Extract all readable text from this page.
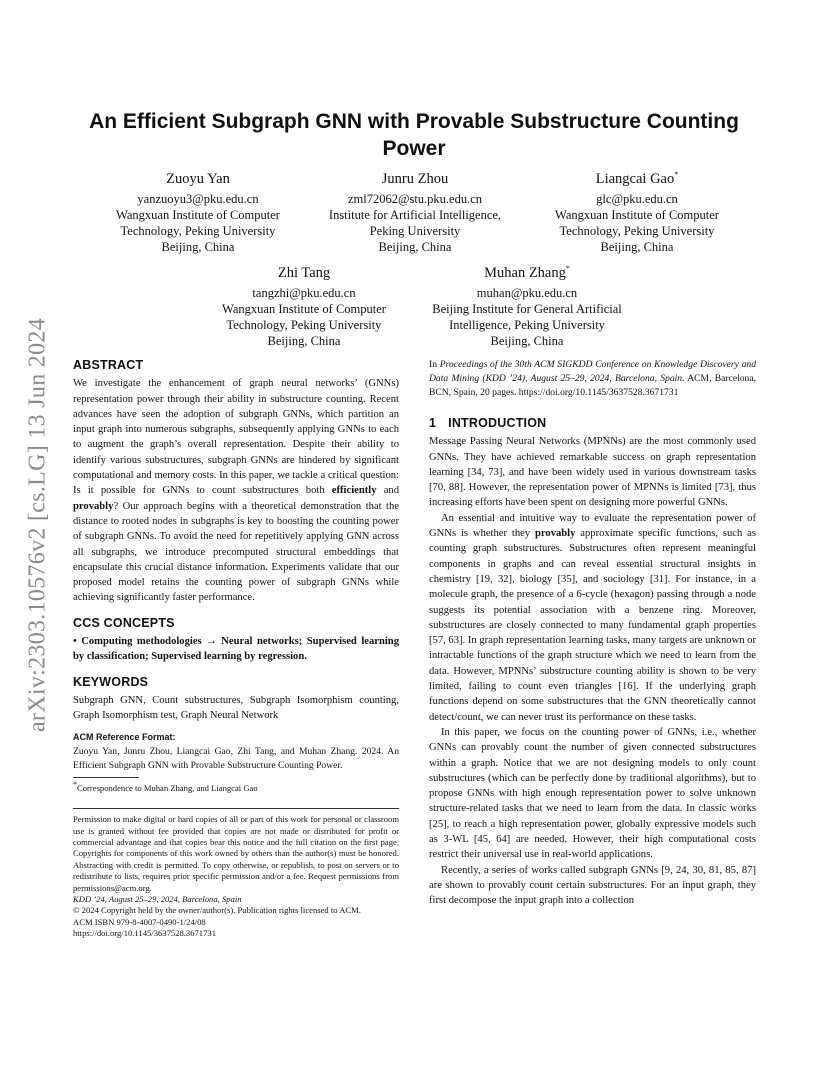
arXiv:2303.10576v2 [cs.LG] 13 Jun 2024
An Efficient Subgraph GNN with Provable Substructure Counting Power
Zuoyu Yan
yanzuoyu3@pku.edu.cn
Wangxuan Institute of Computer
Technology, Peking University
Beijing, China
Junru Zhou
zml72062@stu.pku.edu.cn
Institute for Artificial Intelligence,
Peking University
Beijing, China
Liangcai Gao*
glc@pku.edu.cn
Wangxuan Institute of Computer
Technology, Peking University
Beijing, China
Zhi Tang
tangzhi@pku.edu.cn
Wangxuan Institute of Computer
Technology, Peking University
Beijing, China
Muhan Zhang*
muhan@pku.edu.cn
Beijing Institute for General Artificial
Intelligence, Peking University
Beijing, China
ABSTRACT

We investigate the enhancement of graph neural networks’ (GNNs) representation power through their ability in substructure counting. Recent advances have seen the adoption of subgraph GNNs, which partition an input graph into numerous subgraphs, subsequently applying GNNs to each to augment the graph’s overall representation. Despite their ability to identify various substructures, subgraph GNNs are hindered by significant computational and memory costs. In this paper, we tackle a critical question: Is it possible for GNNs to count substructures both efficiently and provably? Our approach begins with a theoretical demonstration that the distance to rooted nodes in subgraphs is key to boosting the counting power of subgraph GNNs. To avoid the need for repetitively applying GNN across all subgraphs, we introduce precomputed structural embeddings that encapsulate this crucial distance information. Experiments validate that our proposed model retains the counting power of subgraph GNNs while achieving significantly faster performance.

CCS CONCEPTS

• Computing methodologies → Neural networks; Supervised learning by classification; Supervised learning by regression.

KEYWORDS

Subgraph GNN, Count substructures, Subgraph Isomorphism counting, Graph Isomorphism test, Graph Neural Network

ACM Reference Format:

Zuoyu Yan, Junru Zhou, Liangcai Gao, Zhi Tang, and Muhan Zhang. 2024. An Efficient Subgraph GNN with Provable Substructure Counting Power.

*Correspondence to Muhan Zhang, and Liangcai Gao

Permission to make digital or hard copies of all or part of this work for personal or classroom use is granted without fee provided that copies are not made or distributed for profit or commercial advantage and that copies bear this notice and the full citation on the first page. Copyrights for components of this work owned by others than the author(s) must be honored. Abstracting with credit is permitted. To copy otherwise, or republish, to post on servers or to redistribute to lists, requires prior specific permission and/or a fee. Request permissions from permissions@acm.org.

KDD ’24, August 25–29, 2024, Barcelona, Spain

© 2024 Copyright held by the owner/author(s). Publication rights licensed to ACM.

ACM ISBN 979-8-4007-0490-1/24/08

https://doi.org/10.1145/3637528.3671731

In Proceedings of the 30th ACM SIGKDD Conference on Knowledge Discovery and Data Mining (KDD ’24), August 25–29, 2024, Barcelona, Spain. ACM, Barcelona, BCN, Spain, 20 pages. https://doi.org/10.1145/3637528.3671731

1 INTRODUCTION

Message Passing Neural Networks (MPNNs) are the most commonly used GNNs. They have achieved remarkable success on graph representation learning [34, 73], and have been widely used in various downstream tasks [70, 88]. However, the representation power of MPNNs is limited [73], thus increasing efforts have been spent on designing more powerful GNNs.

An essential and intuitive way to evaluate the representation power of GNNs is whether they provably approximate specific functions, such as counting graph substructures. Substructures often represent meaningful components in graphs and can reveal essential structural insights in chemistry [19, 32], biology [35], and sociology [31]. For instance, in a molecule graph, the presence of a 6-cycle (hexagon) passing through a node suggests its potential association with a benzene ring. Moreover, substructures are closely connected to many fundamental graph properties [57, 63]. In graph representation learning tasks, many targets are unknown or intractable functions of the graph structure which we need to learn from the data. However, MPNNs’ substructure counting ability is shown to be very limited, failing to count even triangles [16]. If the underlying graph functions depend on some substructures that the GNN theoretically cannot detect/count, we can never trust its performance on these tasks.

In this paper, we focus on the counting power of GNNs, i.e., whether GNNs can provably count the number of given connected substructures within a graph. Notice that we are not designing models to only count substructures (which can be perfectly done by traditional algorithms), but to propose GNNs with high enough representation power to solve unknown structure-related tasks that we need to learn from the data. In classic works [25], to reach a high representation power, globally expressive models such as 3-WL [45, 64] are needed. However, their high computational costs restrict their universal use in real-world applications.

Recently, a series of works called subgraph GNNs [9, 24, 30, 81, 85, 87] are shown to provably count certain substructures. For an input graph, they first decompose the input graph into a collection
